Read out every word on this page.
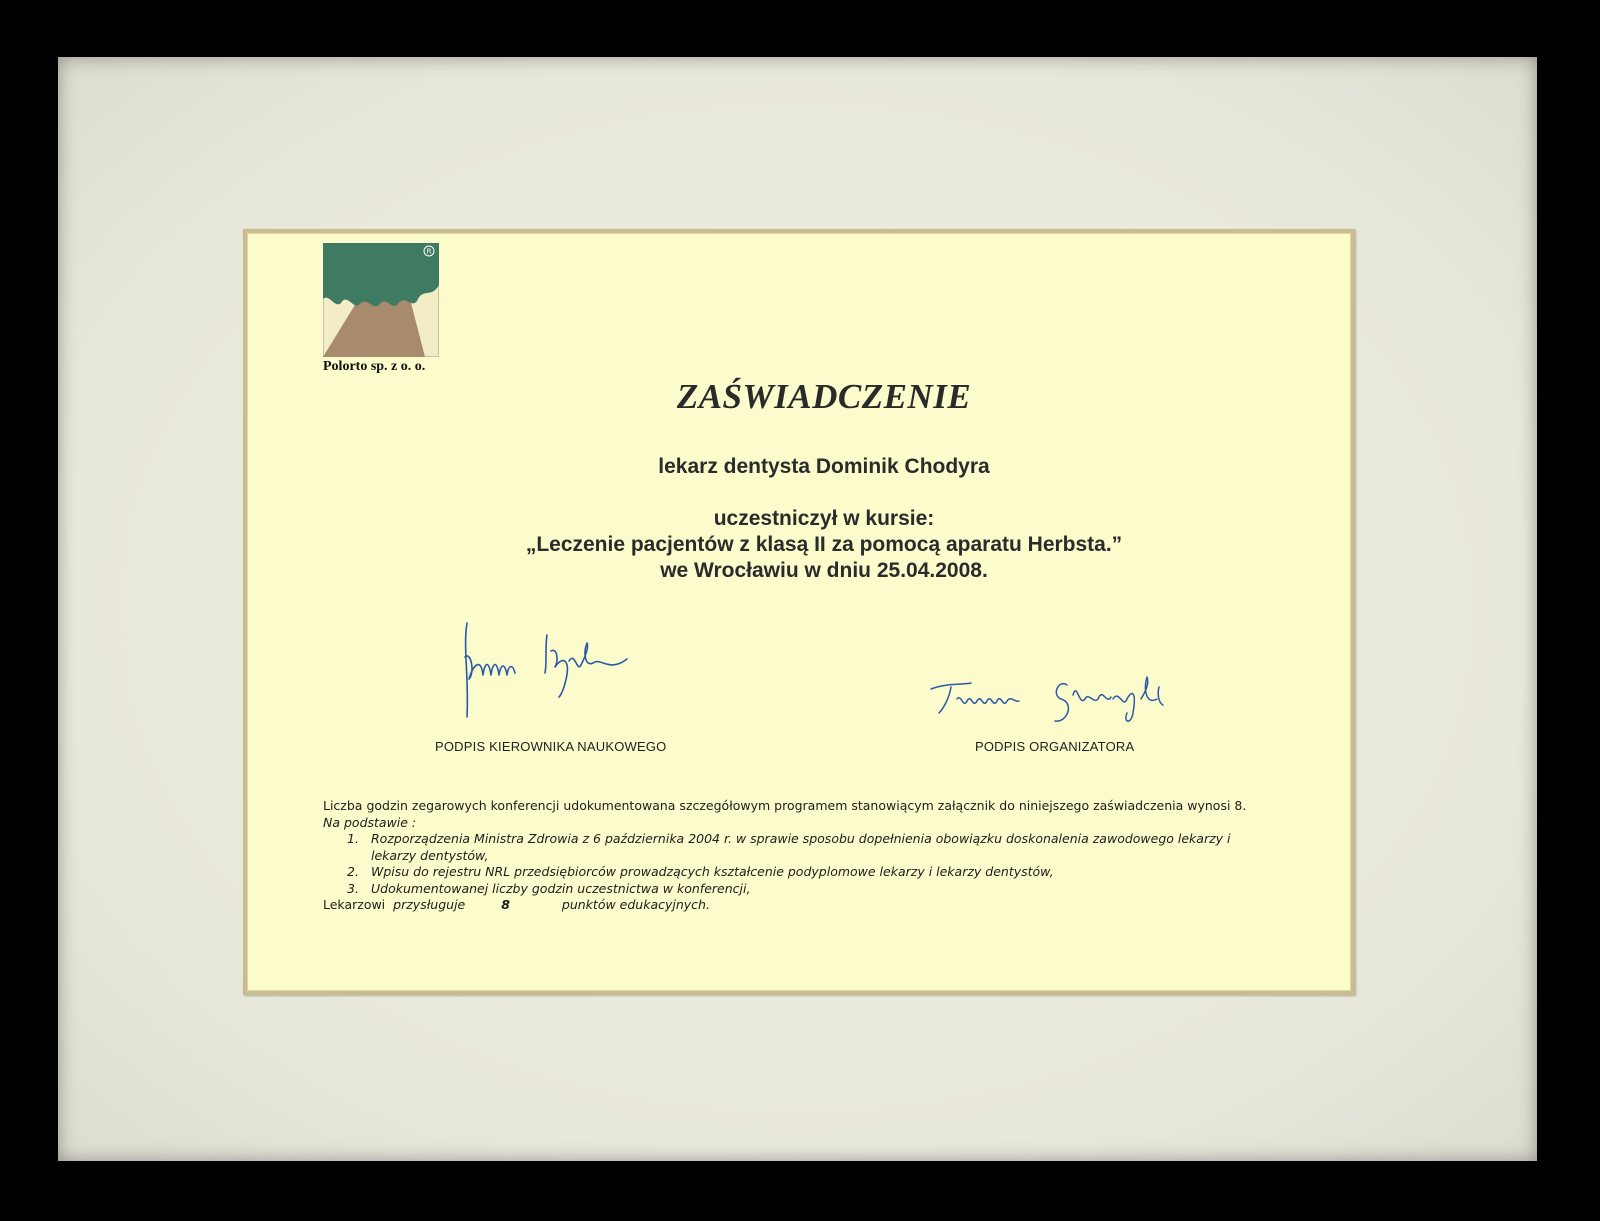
R
Polorto sp. z o. o.
ZAŚWIADCZENIE
lekarz dentysta Dominik Chodyra
uczestniczył w kursie:
„Leczenie pacjentów z klasą II za pomocą aparatu Herbsta.”
we Wrocławiu w dniu 25.04.2008.
PODPIS KIEROWNIKA NAUKOWEGO	PODPIS ORGANIZATORA

Liczba godzin zegarowych konferencji udokumentowana szczegółowym programem stanowiącym załącznik do niniejszego zaświadczenia wynosi 8.

Na podstawie :

1. Rozporządzenia Ministra Zdrowia z 6 października 2004 r. w sprawie sposobu dopełnienia obowiązku doskonalenia zawodowego lekarzy i lekarzy dentystów,
2. Wpisu do rejestru NRL przedsiębiorców prowadzących kształcenie podyplomowe lekarzy i lekarzy dentystów,
3. Udokumentowanej liczby godzin uczestnictwa w konferencji,

Lekarzowi przysługuje	8	punktów edukacyjnych.
